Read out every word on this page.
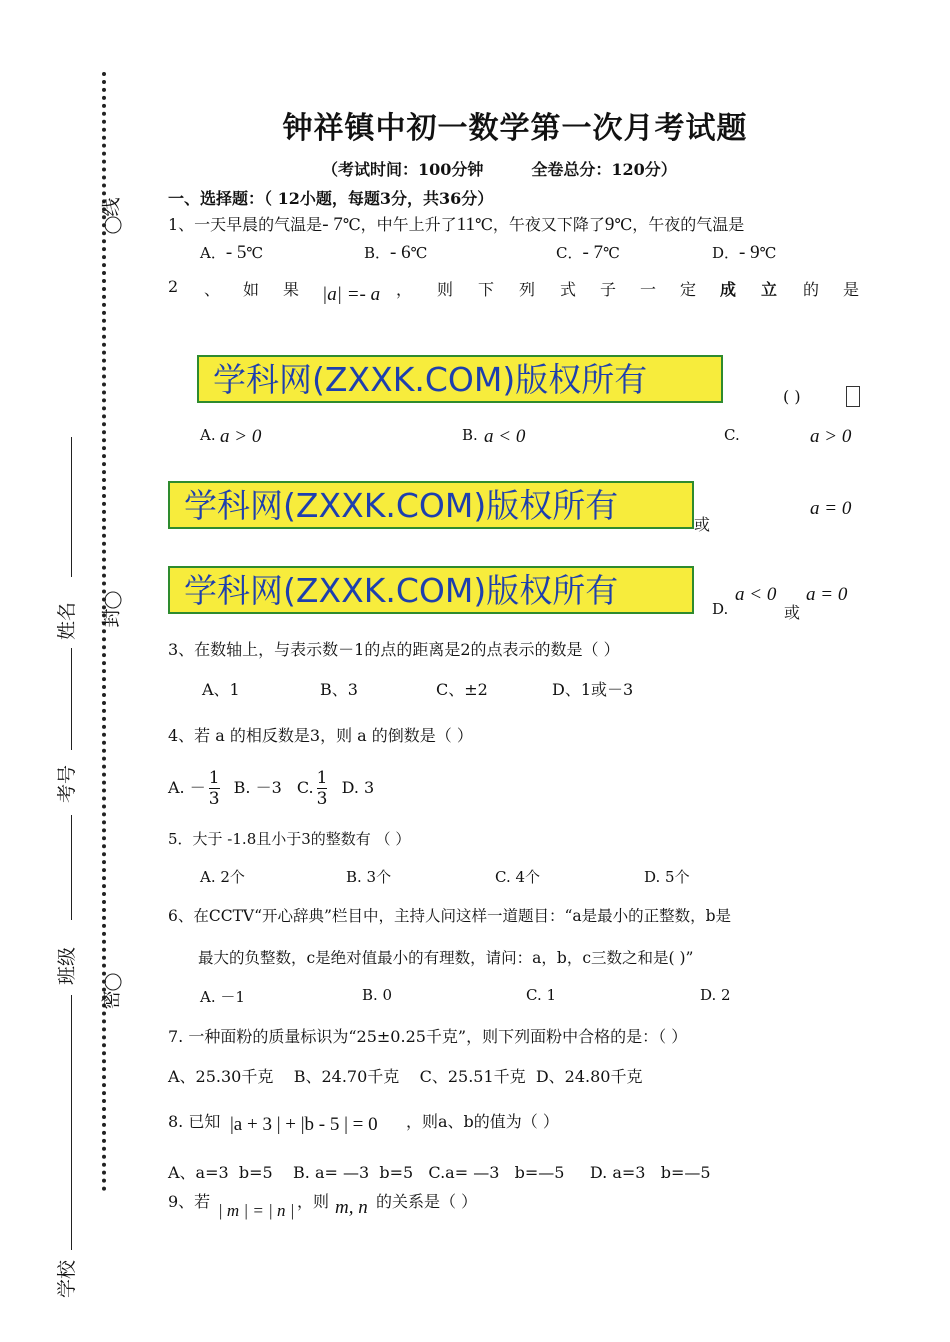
线
封
密
姓名
考号
班级
学校
钟祥镇中初一数学第一次月考试题
（考试时间：100分钟	全卷总分：120分）
一、选择题：（ 12小题，每题3分，共36分）
1、一天早晨的气温是- 7℃，中午上升了11℃，午夜又下降了9℃，午夜的气温是
A．- 5℃	B．- 6℃	C．- 7℃	D．- 9℃
2 、 如 果 |a| =- a ， 则 下 列 式 子 一 定 成 立 的 是
学科网(ZXXK.COM)版权所有	( )
A. a > 0	B. a < 0	C.	a > 0
学科网(ZXXK.COM)版权所有	或
a = 0
学科网(ZXXK.COM)版权所有	D.
a < 0
或
a = 0
3、在数轴上，与表示数－1的点的距离是2的点表示的数是（ ）
A、1	B、3	C、±2	D、1或－3
4、若 a 的相反数是3，则 a 的倒数是（ ）
A. － $\frac{1}{3} B$. －3 C. $\frac{1}{3} D$. 3
5．大于 -1.8且小于3的整数有 （ ）
A. 2个	B. 3个	C. 4个	D. 5个
6、在CCTV“开心辞典”栏目中，主持人问这样一道题目：“a是最小的正整数，b是
最大的负整数，c是绝对值最小的有理数，请问：a，b，c三数之和是( )”
A. －1	B. 0	C. 1	D. 2
7. 一种面粉的质量标识为“25±0.25千克”，则下列面粉中合格的是：（ ）
A、25.30千克    B、24.70千克    C、25.51千克  D、24.80千克
8. 已知 |a + 3 | + |b - 5 | = 0 ，则a、b的值为（ ）
A、a=3  b=5    B. a= —3  b=5   C.a= —3   b=—5     D. a=3   b=—5
9、若 | m | = | n | ，则 m, n 的关系是（ ）
